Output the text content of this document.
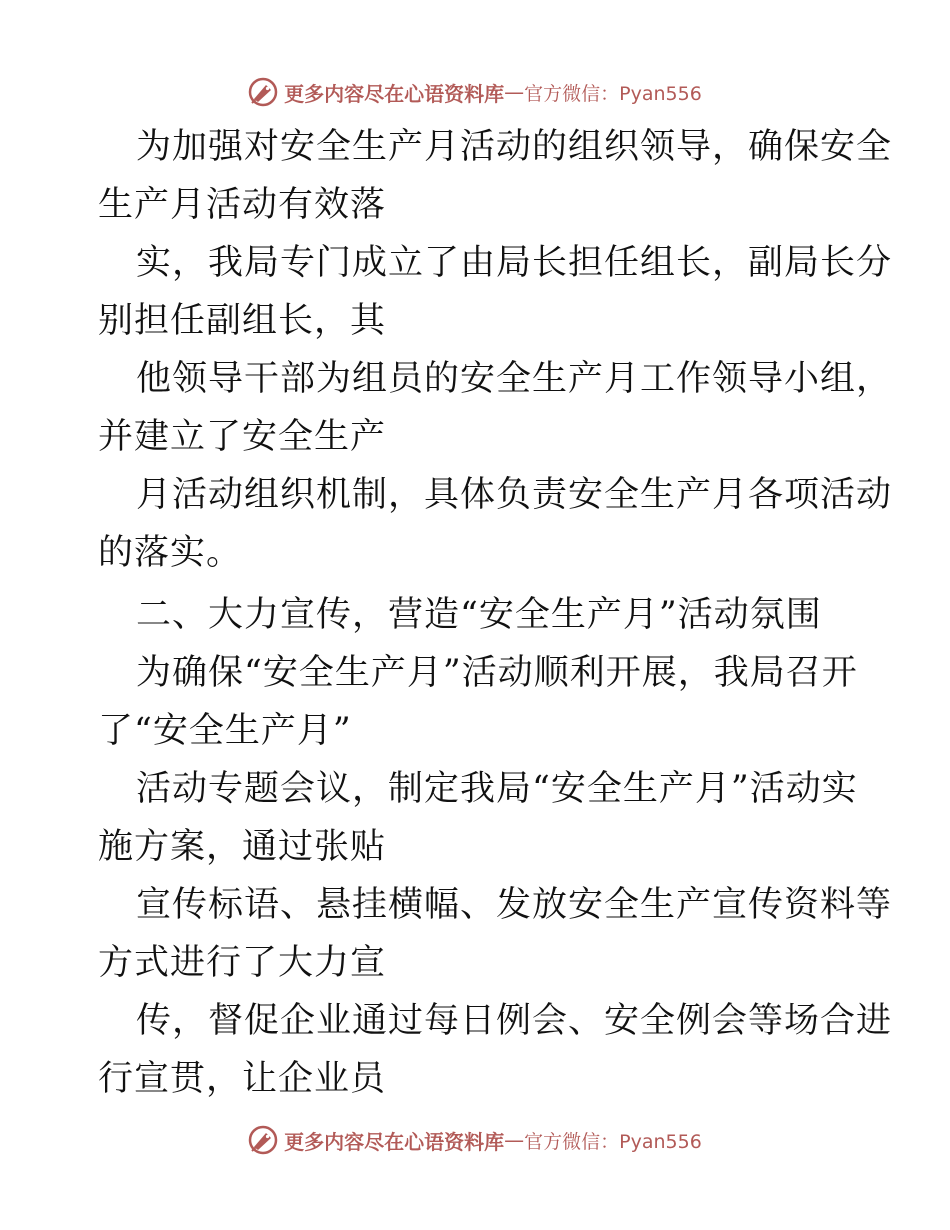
更多内容尽在心语资料库 — 官方微信：Pyan556
为加强对安全生产月活动的组织领导，确保安全
生产月活动有效落
实，我局专门成立了由局长担任组长，副局长分
别担任副组长，其
他领导干部为组员的安全生产月工作领导小组，
并建立了安全生产
月活动组织机制，具体负责安全生产月各项活动
的落实。
二、大力宣传，营造“安全生产月”活动氛围
为确保“安全生产月”活动顺利开展，我局召开
了“安全生产月”
活动专题会议，制定我局“安全生产月”活动实
施方案，通过张贴
宣传标语、悬挂横幅、发放安全生产宣传资料等
方式进行了大力宣
传，督促企业通过每日例会、安全例会等场合进
行宣贯，让企业员
更多内容尽在心语资料库 — 官方微信：Pyan556
